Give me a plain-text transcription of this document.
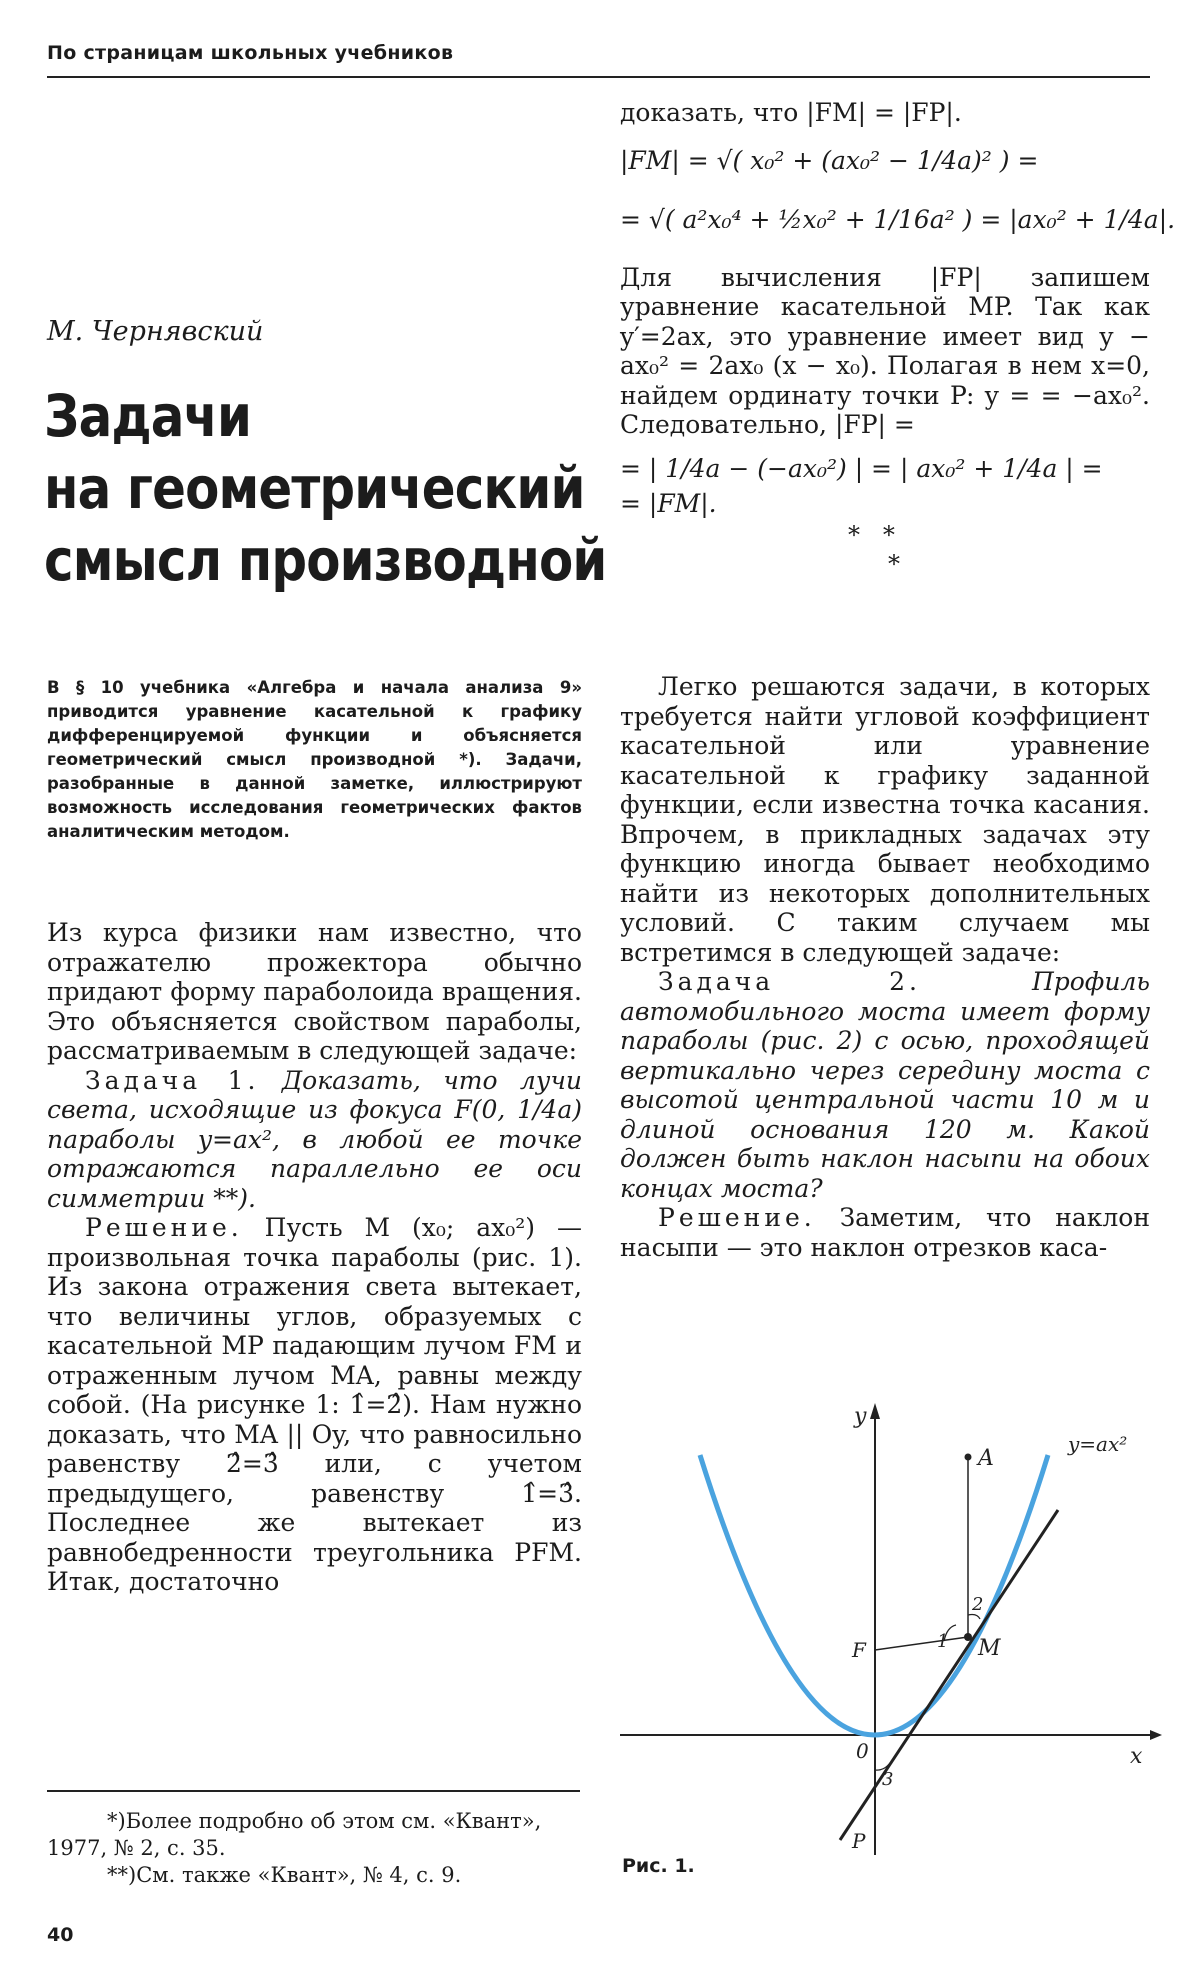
По страницам школьных учебников
М. Чернявский
Задачи
на геометрический
смысл производной
В § 10 учебника «Алгебра и начала анализа 9» приводится уравнение касательной к графику дифференцируемой функции и объясняется геометрический смысл производной *). Задачи, разобранные в данной заметке, иллюстрируют возможность исследования геометрических фактов аналитическим методом.

Из курса физики нам известно, что отражателю прожектора обычно придают форму параболоида вращения. Это объясняется свойством параболы, рассматриваемым в следующей задаче:

Задача 1. Доказать, что лучи света, исходящие из фокуса F(0, 1/4a) параболы y=ax², в любой ее точке отражаются параллельно ее оси симметрии **).

Решение. Пусть M (x₀; ax₀²) — произвольная точка параболы (рис. 1). Из закона отражения света вытекает, что величины углов, образуемых с касательной MP падающим лучом FM и отраженным лучом MA, равны между собой. (На рисунке 1: 1̂=2̂). Нам нужно доказать, что MA || Oy, что равносильно равенству 2̂=3̂ или, с учетом предыдущего, равенству 1̂=3̂. Последнее же вытекает из равнобедренности треугольника PFM. Итак, достаточно

*)Более подробно об этом см. «Квант», 1977, № 2, с. 35.
**)См. также «Квант», № 4, с. 9.
40
доказать, что |FM| = |FP|.
|FM| = √( x₀² + (ax₀² − 1/4a)² ) =
= √( a²x₀⁴ + ½x₀² + 1/16a² ) = |ax₀² + 1/4a|.
Для вычисления |FP| запишем уравнение касательной MP. Так как y′=2ax, это уравнение имеет вид y − ax₀² = 2ax₀ (x − x₀). Полагая в нем x=0, найдем ординату точки P: y = = −ax₀². Следовательно, |FP| =
= | 1/4a − (−ax₀²) | = | ax₀² + 1/4a | =
= |FM|.
*   *
*

Легко решаются задачи, в которых требуется найти угловой коэффициент касательной или уравнение касательной к графику заданной функции, если известна точка касания. Впрочем, в прикладных задачах эту функцию иногда бывает необходимо найти из некоторых дополнительных условий. С таким случаем мы встретимся в следующей задаче:

Задача 2.	Профиль автомобильного моста имеет форму параболы (рис. 2) с осью, проходящей вертикально через середину моста с высотой центральной части 10 м и длиной основания 120 м. Какой должен быть наклон насыпи на обоих концах моста?

Решение. Заметим, что наклон насыпи — это наклон отрезков каса-

y
x
A
M
F
0
P
1
2
3
y=ax²
Рис. 1.
